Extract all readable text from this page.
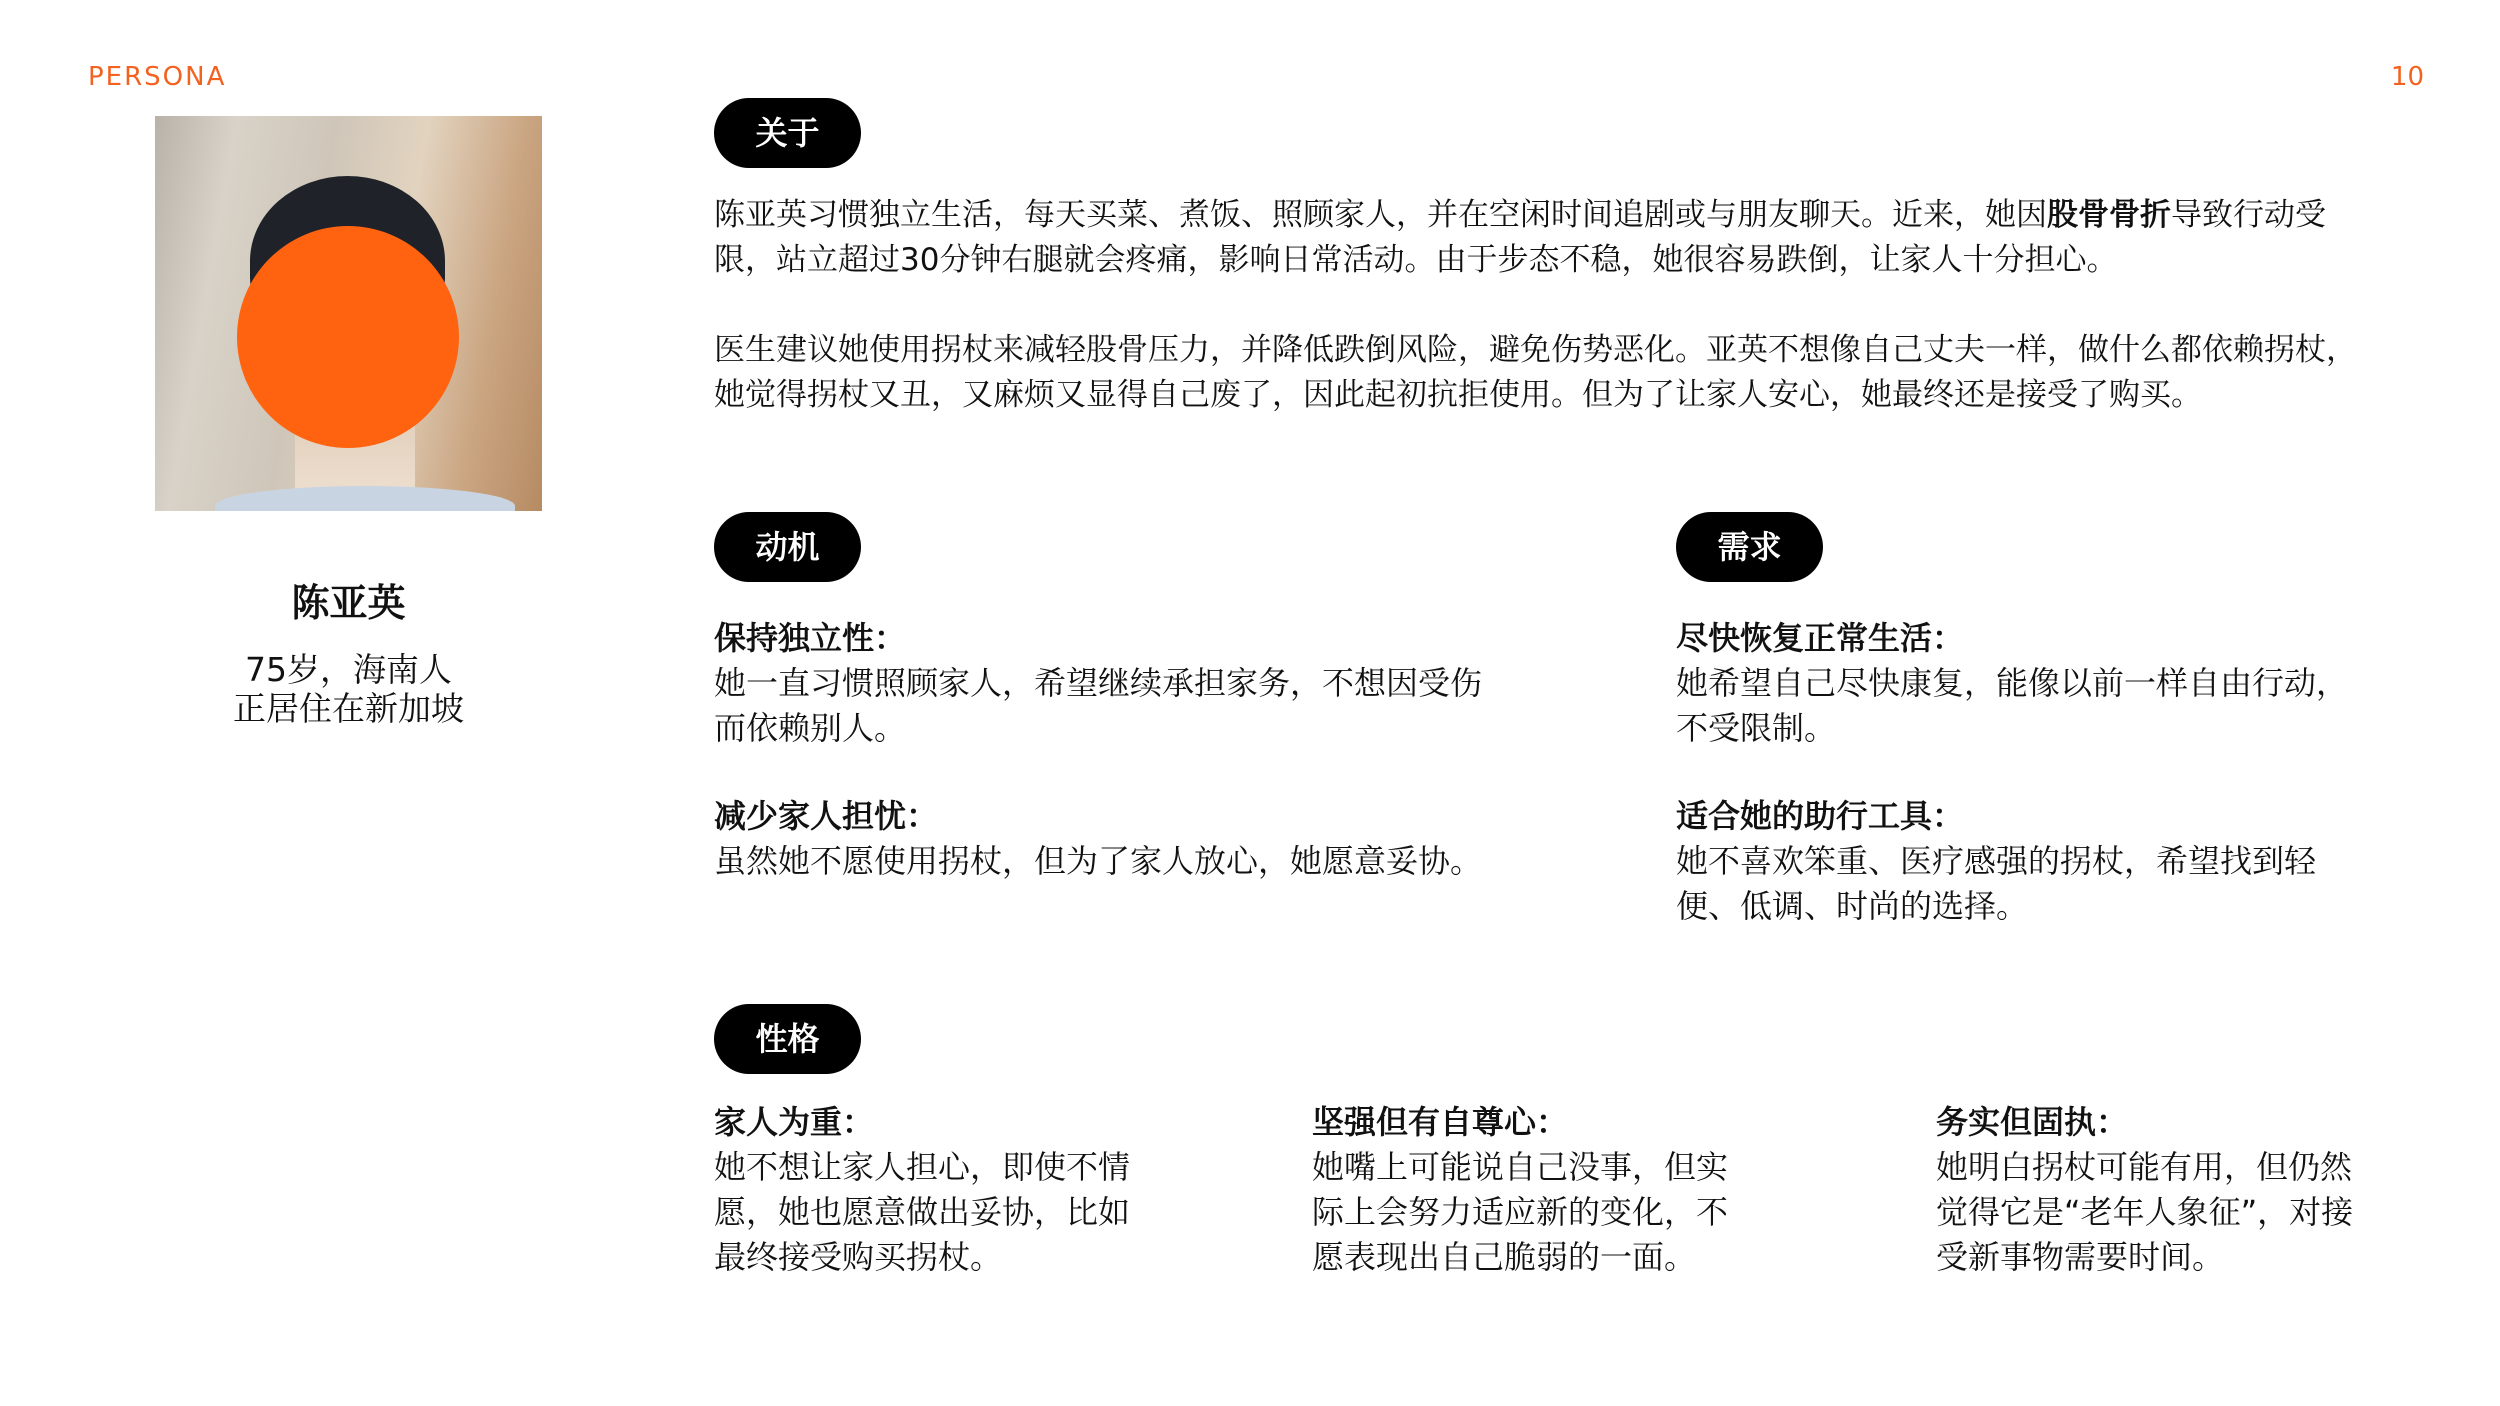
PERSONA	10
陈亚英
75岁，海南人
正居住在新加坡
关于

陈亚英习惯独立生活，每天买菜、煮饭、照顾家人，并在空闲时间追剧或与朋友聊天。近来，她因股骨骨折导致行动受限，站立超过30分钟右腿就会疼痛，影响日常活动。由于步态不稳，她很容易跌倒，让家人十分担心。

医生建议她使用拐杖来减轻股骨压力，并降低跌倒风险，避免伤势恶化。亚英不想像自己丈夫一样，做什么都依赖拐杖，她觉得拐杖又丑，又麻烦又显得自己废了，因此起初抗拒使用。但为了让家人安心，她最终还是接受了购买。

动机
保持独立性：
她一直习惯照顾家人，希望继续承担家务，不想因受伤而依赖别人。
减少家人担忧：
虽然她不愿使用拐杖，但为了家人放心，她愿意妥协。
需求
尽快恢复正常生活：
她希望自己尽快康复，能像以前一样自由行动，不受限制。
适合她的助行工具：
她不喜欢笨重、医疗感强的拐杖，希望找到轻便、低调、时尚的选择。
性格
家人为重：
她不想让家人担心，即使不情愿，她也愿意做出妥协，比如最终接受购买拐杖。
坚强但有自尊心：
她嘴上可能说自己没事，但实际上会努力适应新的变化，不愿表现出自己脆弱的一面。
务实但固执：
她明白拐杖可能有用，但仍然觉得它是“老年人象征”，对接受新事物需要时间。
